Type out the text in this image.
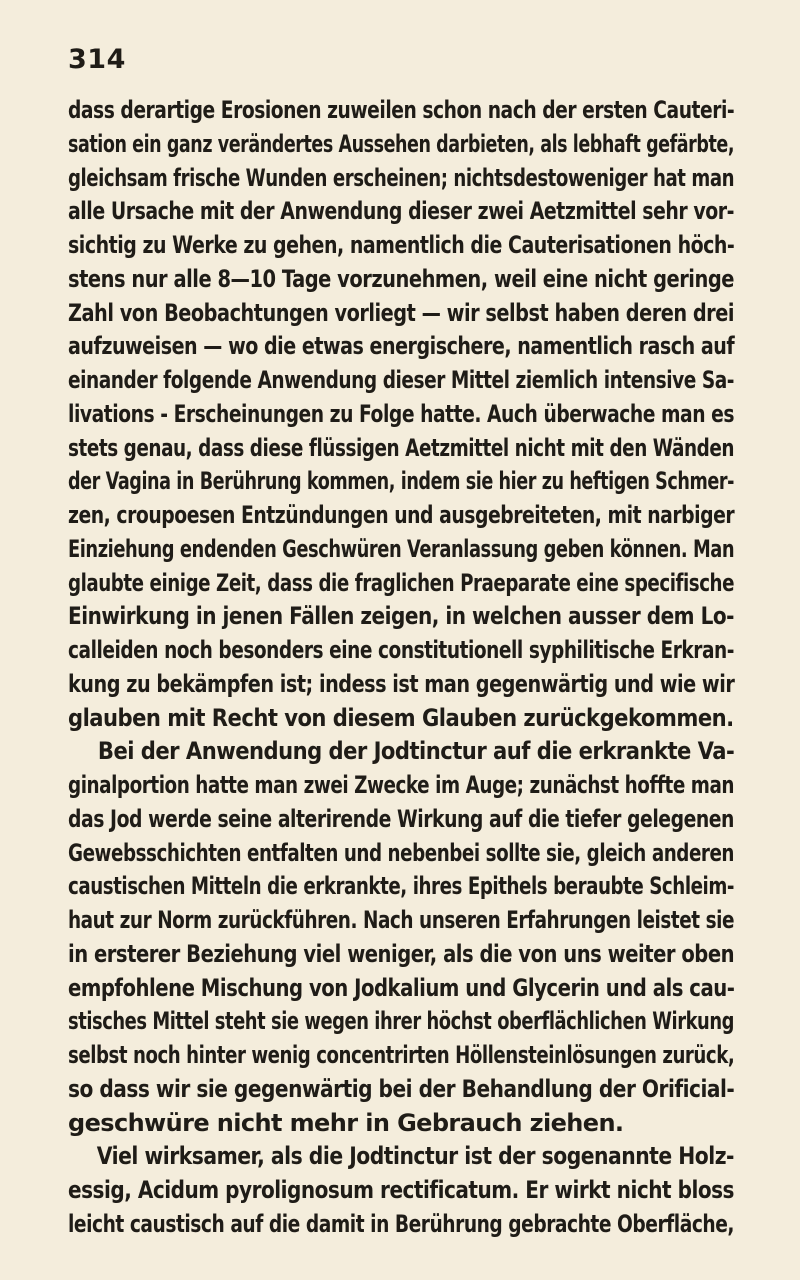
314
dass derartige Erosionen zuweilen schon nach der ersten Cauteri-
sation ein ganz verändertes Aussehen darbieten, als lebhaft gefärbte,
gleichsam frische Wunden erscheinen; nichtsdestoweniger hat man
alle Ursache mit der Anwendung dieser zwei Aetzmittel sehr vor-
sichtig zu Werke zu gehen, namentlich die Cauterisationen höch-
stens nur alle 8—10 Tage vorzunehmen, weil eine nicht geringe
Zahl von Beobachtungen vorliegt — wir selbst haben deren drei
aufzuweisen — wo die etwas energischere, namentlich rasch auf
einander folgende Anwendung dieser Mittel ziemlich intensive Sa-
livations - Erscheinungen zu Folge hatte. Auch überwache man es
stets genau, dass diese flüssigen Aetzmittel nicht mit den Wänden
der Vagina in Berührung kommen, indem sie hier zu heftigen Schmer-
zen, croupoesen Entzündungen und ausgebreiteten, mit narbiger
Einziehung endenden Geschwüren Veranlassung geben können. Man
glaubte einige Zeit, dass die fraglichen Praeparate eine specifische
Einwirkung in jenen Fällen zeigen, in welchen ausser dem Lo-
calleiden noch besonders eine constitutionell syphilitische Erkran-
kung zu bekämpfen ist; indess ist man gegenwärtig und wie wir
glauben mit Recht von diesem Glauben zurückgekommen.
Bei der Anwendung der Jodtinctur auf die erkrankte Va-
ginalportion hatte man zwei Zwecke im Auge; zunächst hoffte man
das Jod werde seine alterirende Wirkung auf die tiefer gelegenen
Gewebsschichten entfalten und nebenbei sollte sie, gleich anderen
caustischen Mitteln die erkrankte, ihres Epithels beraubte Schleim-
haut zur Norm zurückführen. Nach unseren Erfahrungen leistet sie
in ersterer Beziehung viel weniger, als die von uns weiter oben
empfohlene Mischung von Jodkalium und Glycerin und als cau-
stisches Mittel steht sie wegen ihrer höchst oberflächlichen Wirkung
selbst noch hinter wenig concentrirten Höllensteinlösungen zurück,
so dass wir sie gegenwärtig bei der Behandlung der Orificial-
geschwüre nicht mehr in Gebrauch ziehen.
Viel wirksamer, als die Jodtinctur ist der sogenannte Holz-
essig, Acidum pyrolignosum rectificatum. Er wirkt nicht bloss
leicht caustisch auf die damit in Berührung gebrachte Oberfläche,
